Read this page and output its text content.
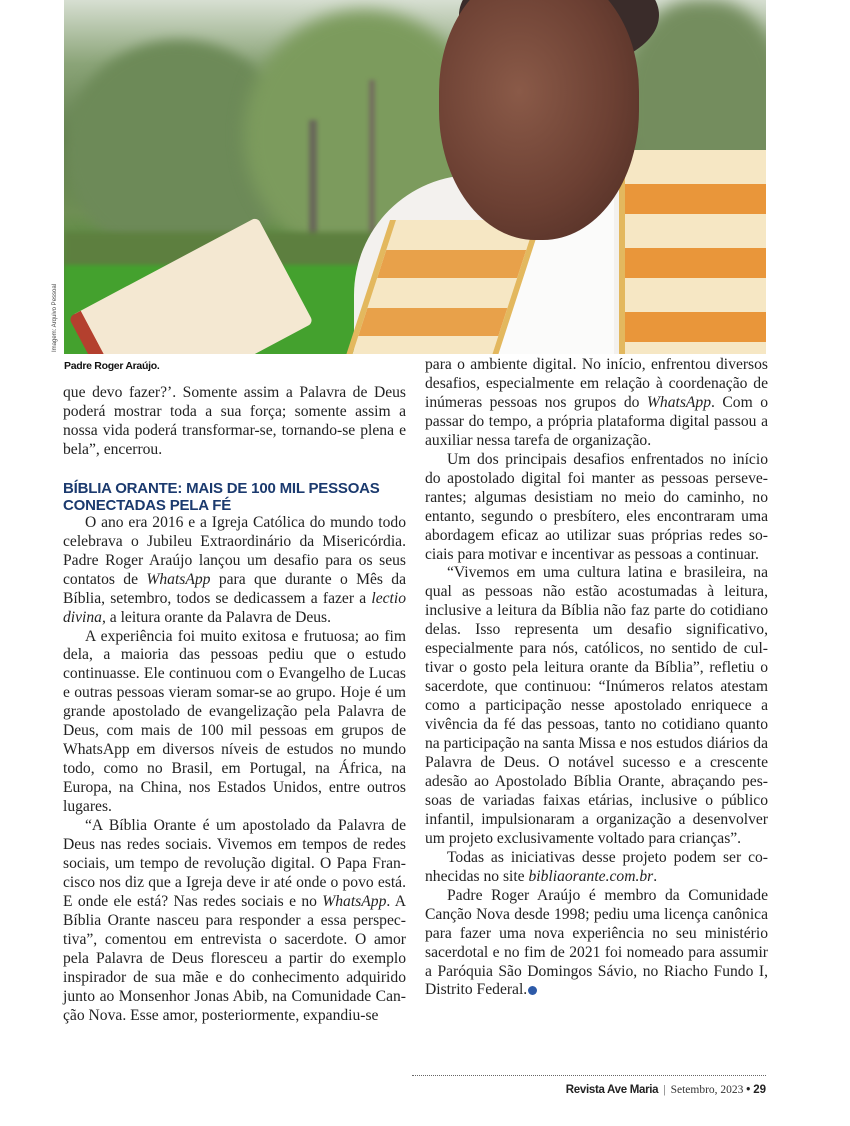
Imagem: Arquivo Pessoal
Padre Roger Araújo.

que devo fazer?’. Somente assim a Palavra de Deus poderá mostrar toda a sua força; somente assim a nossa vida poderá transformar-se, tornando-se plena e bela”, encerrou.

BÍBLIA ORANTE: MAIS DE 100 MIL PESSOAS CONECTADAS PELA FÉ

O ano era 2016 e a Igreja Católica do mundo todo celebrava o Jubileu Extraordinário da Misericórdia. Padre Roger Araújo lançou um desafio para os seus contatos de WhatsApp para que durante o Mês da Bíblia, setembro, todos se dedicassem a fazer a lectio divina, a leitura orante da Palavra de Deus.

A experiência foi muito exitosa e frutuosa; ao fim dela, a maioria das pessoas pediu que o estudo continuasse. Ele continuou com o Evangelho de Lucas e outras pessoas vieram somar-se ao grupo. Hoje é um grande apostolado de evangelização pela Palavra de Deus, com mais de 100 mil pessoas em grupos de WhatsApp em diversos níveis de estudos no mundo todo, como no Brasil, em Portugal, na África, na Europa, na China, nos Estados Unidos, entre outros lugares.

“A Bíblia Orante é um apostolado da Palavra de Deus nas redes sociais. Vivemos em tempos de redes sociais, um tempo de revolução digital. O Papa Francisco nos diz que a Igreja deve ir até onde o povo está. E onde ele está? Nas redes sociais e no WhatsApp. A Bíblia Orante nasceu para responder a essa perspectiva”, comentou em entrevista o sacerdote. O amor pela Palavra de Deus floresceu a partir do exemplo inspirador de sua mãe e do conhecimento adquirido junto ao Monsenhor Jonas Abib, na Comunidade Canção Nova. Esse amor, posteriormente, expandiu-se

para o ambiente digital. No início, enfrentou diversos desafios, especialmente em relação à coordenação de inúmeras pessoas nos grupos do WhatsApp. Com o passar do tempo, a própria plataforma digital passou a auxiliar nessa tarefa de organização.

Um dos principais desafios enfrentados no início do apostolado digital foi manter as pessoas perseverantes; algumas desistiam no meio do caminho, no entanto, segundo o presbítero, eles encontraram uma abordagem eficaz ao utilizar suas próprias redes sociais para motivar e incentivar as pessoas a continuar.

“Vivemos em uma cultura latina e brasileira, na qual as pessoas não estão acostumadas à leitura, inclusive a leitura da Bíblia não faz parte do cotidiano delas. Isso representa um desafio significativo, especialmente para nós, católicos, no sentido de cultivar o gosto pela leitura orante da Bíblia”, refletiu o sacerdote, que continuou: “Inúmeros relatos atestam como a participação nesse apostolado enriquece a vivência da fé das pessoas, tanto no cotidiano quanto na participação na santa Missa e nos estudos diários da Palavra de Deus. O notável sucesso e a crescente adesão ao Apostolado Bíblia Orante, abraçando pessoas de variadas faixas etárias, inclusive o público infantil, impulsionaram a organização a desenvolver um projeto exclusivamente voltado para crianças”.

Todas as iniciativas desse projeto podem ser conhecidas no site bibliaorante.com.br.

Padre Roger Araújo é membro da Comunidade Canção Nova desde 1998; pediu uma licença canônica para fazer uma nova experiência no seu ministério sacerdotal e no fim de 2021 foi nomeado para assumir a Paróquia São Domingos Sávio, no Riacho Fundo I, Distrito Federal.

Revista Ave Maria | Setembro, 2023 • 29
